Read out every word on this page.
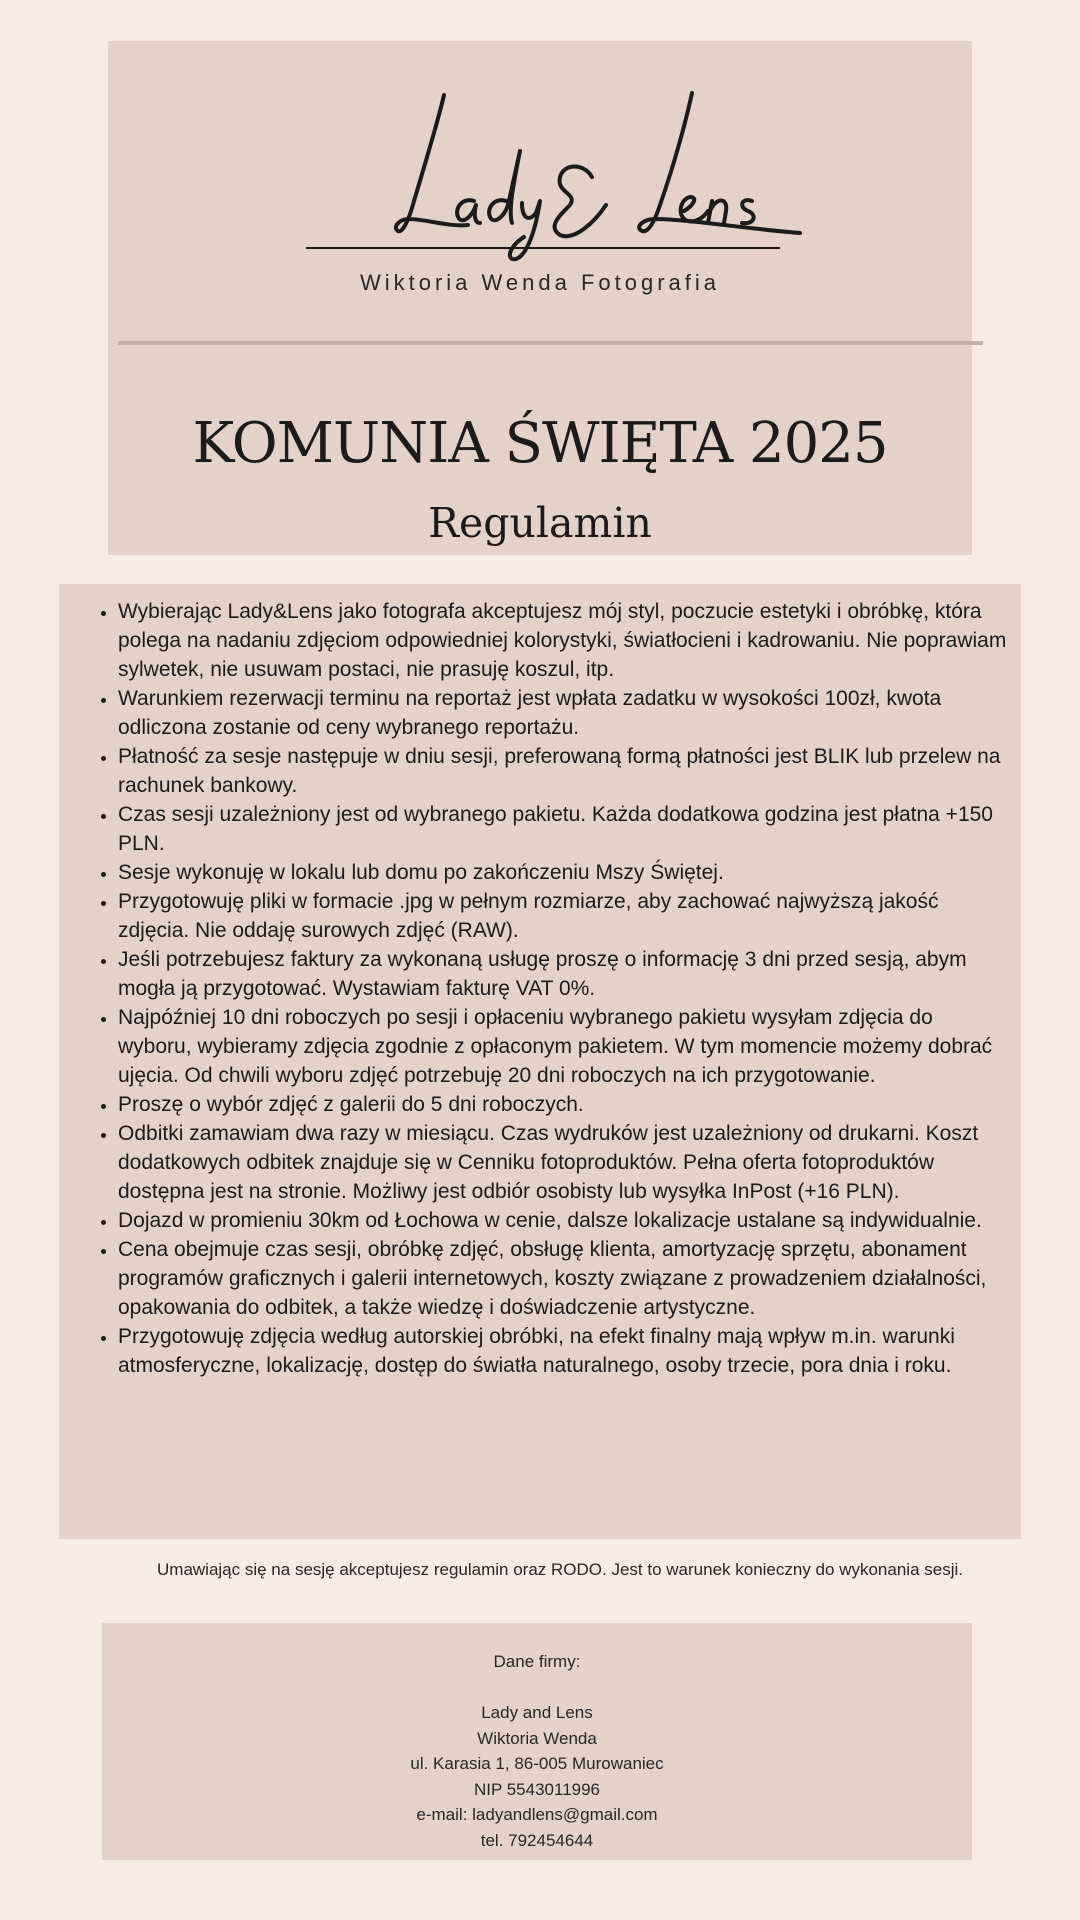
Wiktoria Wenda Fotografia
KOMUNIA ŚWIĘTA 2025
Regulamin
• Wybierając Lady&Lens jako fotografa akceptujesz mój styl, poczucie estetyki i obróbkę, która polega na nadaniu zdjęciom odpowiedniej kolorystyki, światłocieni i kadrowaniu. Nie poprawiam sylwetek, nie usuwam postaci, nie prasuję koszul, itp.
• Warunkiem rezerwacji terminu na reportaż jest wpłata zadatku w wysokości 100zł, kwota odliczona zostanie od ceny wybranego reportażu.
• Płatność za sesje następuje w dniu sesji, preferowaną formą płatności jest BLIK lub przelew na rachunek bankowy.
• Czas sesji uzależniony jest od wybranego pakietu. Każda dodatkowa godzina jest płatna +150 PLN.
• Sesje wykonuję w lokalu lub domu po zakończeniu Mszy Świętej.
• Przygotowuję pliki w formacie .jpg w pełnym rozmiarze, aby zachować najwyższą jakość zdjęcia. Nie oddaję surowych zdjęć (RAW).
• Jeśli potrzebujesz faktury za wykonaną usługę proszę o informację 3 dni przed sesją, abym mogła ją przygotować. Wystawiam fakturę VAT 0%.
• Najpóźniej 10 dni roboczych po sesji i opłaceniu wybranego pakietu wysyłam zdjęcia do wyboru, wybieramy zdjęcia zgodnie z opłaconym pakietem. W tym momencie możemy dobrać ujęcia. Od chwili wyboru zdjęć potrzebuję 20 dni roboczych na ich przygotowanie.
• Proszę o wybór zdjęć z galerii do 5 dni roboczych.
• Odbitki zamawiam dwa razy w miesiącu. Czas wydruków jest uzależniony od drukarni. Koszt dodatkowych odbitek znajduje się w Cenniku fotoproduktów. Pełna oferta fotoproduktów dostępna jest na stronie. Możliwy jest odbiór osobisty lub wysyłka InPost (+16 PLN).
• Dojazd w promieniu 30km od Łochowa w cenie, dalsze lokalizacje ustalane są indywidualnie.
• Cena obejmuje czas sesji, obróbkę zdjęć, obsługę klienta, amortyzację sprzętu, abonament programów graficznych i galerii internetowych, koszty związane z prowadzeniem działalności, opakowania do odbitek, a także wiedzę i doświadczenie artystyczne.
• Przygotowuję zdjęcia według autorskiej obróbki, na efekt finalny mają wpływ m.in. warunki atmosferyczne, lokalizację, dostęp do światła naturalnego, osoby trzecie, pora dnia i roku.
Umawiając się na sesję akceptujesz regulamin oraz RODO. Jest to warunek konieczny do wykonania sesji.
Dane firmy:
Lady and Lens
Wiktoria Wenda
ul. Karasia 1, 86-005 Murowaniec
NIP 5543011996
e-mail: ladyandlens@gmail.com
tel. 792454644
